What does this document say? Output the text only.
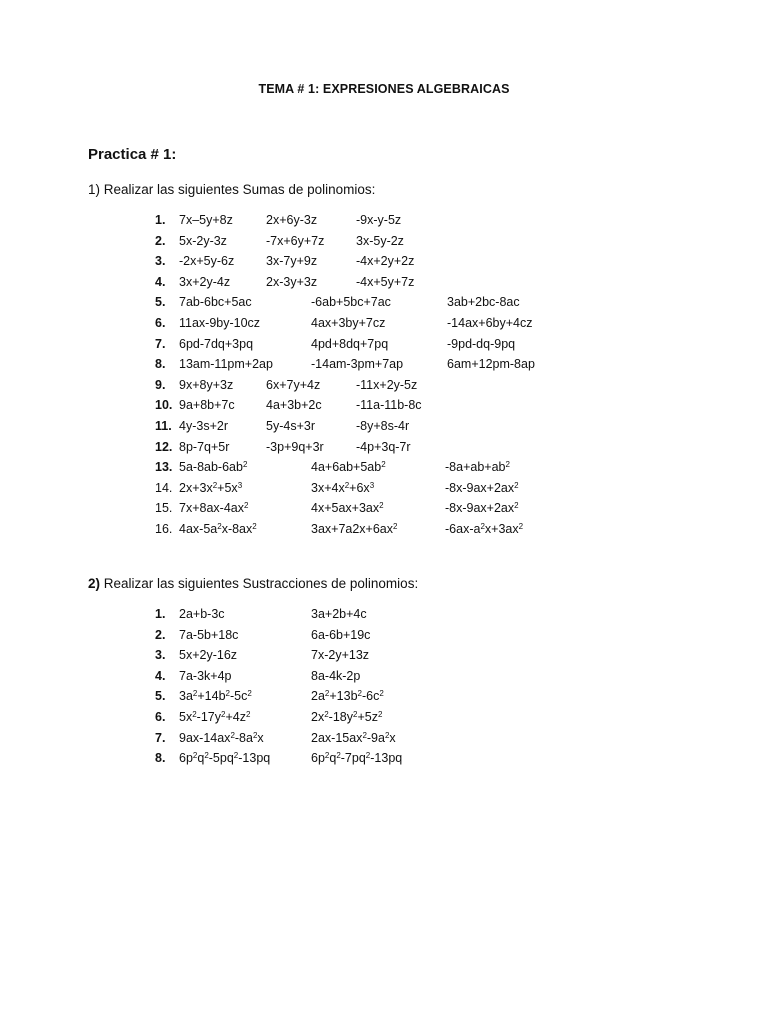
TEMA # 1: EXPRESIONES ALGEBRAICAS
Practica # 1:
1) Realizar las siguientes Sumas de polinomios:
1. 7x–5y+8z	2x+6y-3z	-9x-y-5z
2. 5x-2y-3z	-7x+6y+7z	3x-5y-2z
3. -2x+5y-6z	3x-7y+9z	-4x+2y+2z
4. 3x+2y-4z	2x-3y+3z	-4x+5y+7z
5. 7ab-6bc+5ac	-6ab+5bc+7ac	3ab+2bc-8ac
6. 11ax-9by-10cz	4ax+3by+7cz	-14ax+6by+4cz
7. 6pd-7dq+3pq	4pd+8dq+7pq	-9pd-dq-9pq
8. 13am-11pm+2ap	-14am-3pm+7ap	6am+12pm-8ap
9. 9x+8y+3z	6x+7y+4z	-11x+2y-5z
10. 9a+8b+7c	4a+3b+2c	-11a-11b-8c
11. 4y-3s+2r	5y-4s+3r	-8y+8s-4r
12. 8p-7q+5r	-3p+9q+3r	-4p+3q-7r
13. $5a-8ab-6ab^2$	$4a+6ab+5ab^2$	$-8a+ab+ab^2$
14. $2x+3x^2+5x^3$	$3x+4x^2+6x^3$	$-8x-9ax+2ax^2$
15. $7x+8ax-4ax^2$	$4x+5ax+3ax^2$	$-8x-9ax+2ax^2$
16. $4ax-5a^2x-8ax^2$	$3ax+7a2x+6ax^2$	$-6ax-a^2x+3ax^2$
2) Realizar las siguientes Sustracciones de polinomios:
1. 2a+b-3c	3a+2b+4c
2. 7a-5b+18c	6a-6b+19c
3. 5x+2y-16z	7x-2y+13z
4. 7a-3k+4p	8a-4k-2p
5. $3a^2+14b^2-5c^2$	$2a^2+13b^2-6c^2$
6. $5x^2-17y^2+4z^2$	$2x^2-18y^2+5z^2$
7. $9ax-14ax^2-8a^2x$	$2ax-15ax^2-9a^2x$
8. $6p^2q^2-5pq^2-13pq$	$6p^2q^2-7pq^2-13pq$
